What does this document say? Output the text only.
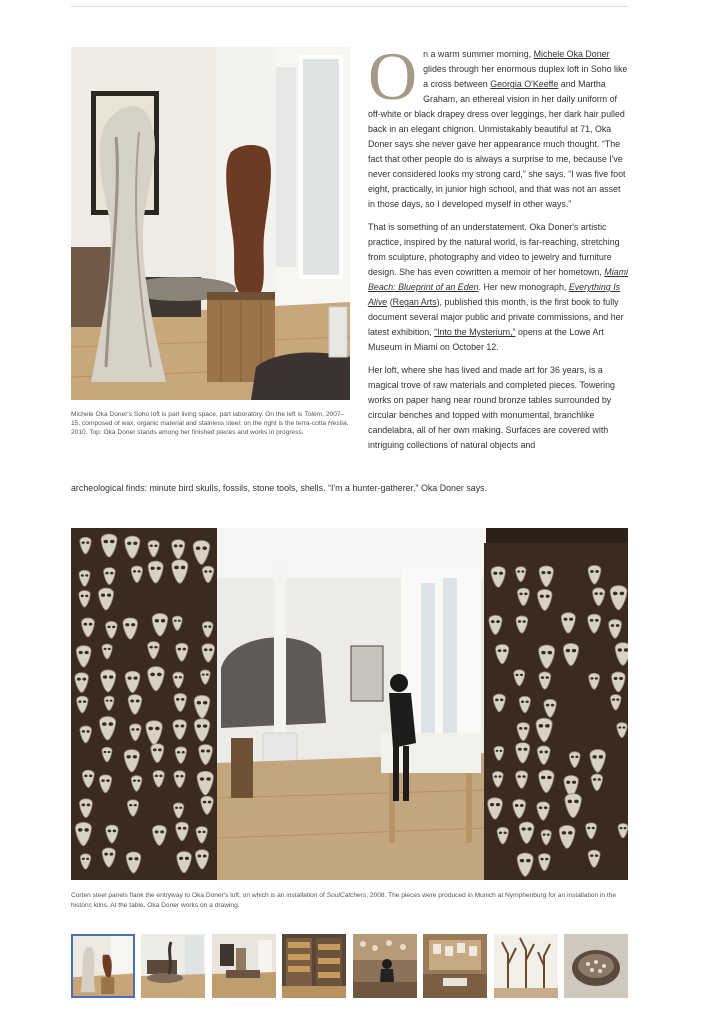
Michele Oka Doner's Soho loft is part living space, part laboratory. On the left is Totem, 2007–15, composed of wax, organic material and stainless steel; on the right is the terra-cotta Hestia, 2010. Top: Oka Doner stands among her finished pieces and works in progress.

On a warm summer morning, Michele Oka Doner glides through her enormous duplex loft in Soho like a cross between Georgia O'Keeffe and Martha Graham, an ethereal vision in her daily uniform of off-white or black drapey dress over leggings, her dark hair pulled back in an elegant chignon. Unmistakably beautiful at 71, Oka Doner says she never gave her appearance much thought. “The fact that other people do is always a surprise to me, because I've never considered looks my strong card,” she says. “I was five foot eight, practically, in junior high school, and that was not an asset in those days, so I developed myself in other ways.”

That is something of an understatement. Oka Doner's artistic practice, inspired by the natural world, is far-reaching, stretching from sculpture, photography and video to jewelry and furniture design. She has even cowritten a memoir of her hometown, Miami Beach: Blueprint of an Eden. Her new monograph, Everything Is Alive (Regan Arts), published this month, is the first book to fully document several major public and private commissions, and her latest exhibition, “Into the Mysterium,” opens at the Lowe Art Museum in Miami on October 12.

Her loft, where she has lived and made art for 36 years, is a magical trove of raw materials and completed pieces. Towering works on paper hang near round bronze tables surrounded by circular benches and topped with monumental, branchlike candelabra, all of her own making. Surfaces are covered with intriguing collections of natural objects and

archeological finds: minute bird skulls, fossils, stone tools, shells. “I'm a hunter-gatherer,” Oka Doner says.

Corten steel panels flank the entryway to Oka Doner's loft, on which is an installation of SoulCatchers, 2008. The pieces were produced in Munich at Nymphenburg for an installation in the historic kilns. At the table, Oka Doner works on a drawing.
